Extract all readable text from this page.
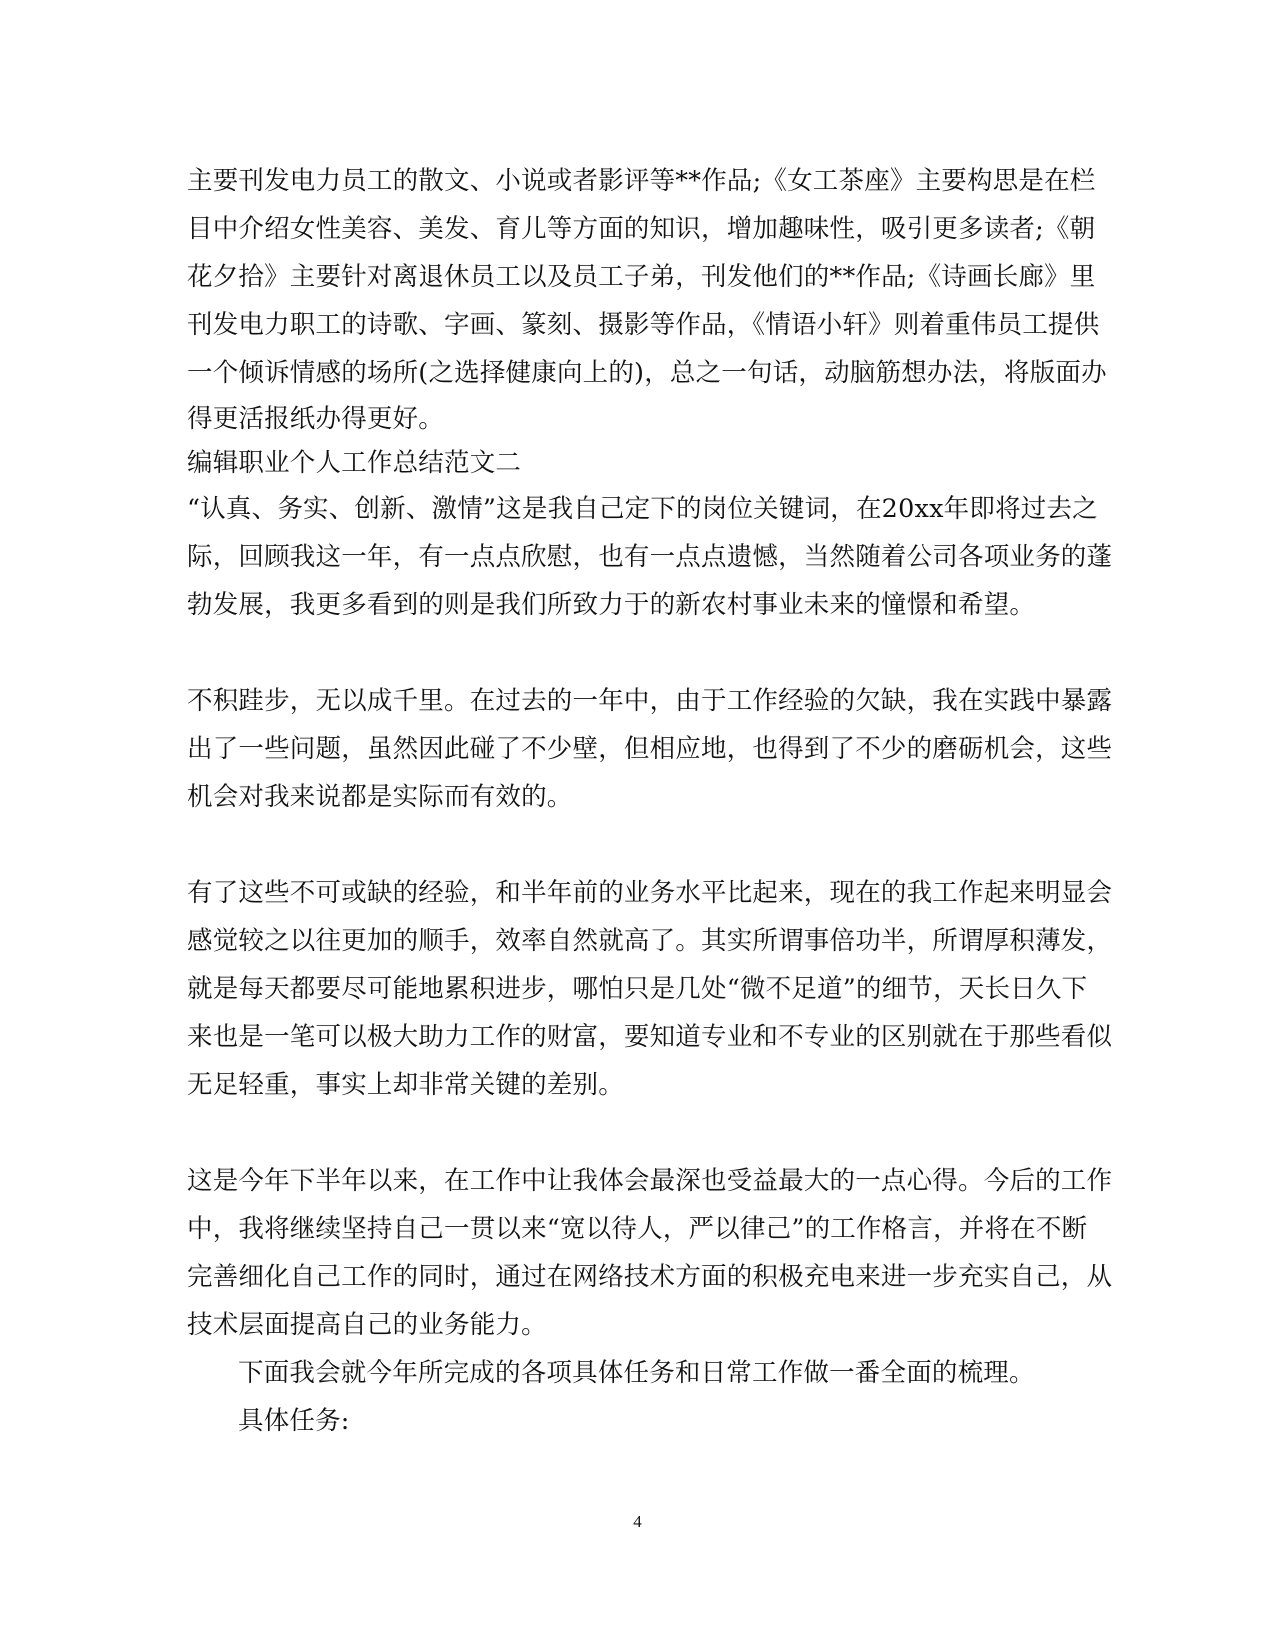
主要刊发电力员工的散文、小说或者影评等**作品;《女工茶座》主要构思是在栏
目中介绍女性美容、美发、育儿等方面的知识，增加趣味性，吸引更多读者;《朝
花夕拾》主要针对离退休员工以及员工子弟，刊发他们的**作品;《诗画长廊》里
刊发电力职工的诗歌、字画、篆刻、摄影等作品，《情语小轩》则着重伟员工提供
一个倾诉情感的场所(之选择健康向上的)，总之一句话，动脑筋想办法，将版面办
得更活报纸办得更好。
编辑职业个人工作总结范文二
“认真、务实、创新、激情”这是我自己定下的岗位关键词，在20xx年即将过去之
际，回顾我这一年，有一点点欣慰，也有一点点遗憾，当然随着公司各项业务的蓬
勃发展，我更多看到的则是我们所致力于的新农村事业未来的憧憬和希望。
不积跬步，无以成千里。在过去的一年中，由于工作经验的欠缺，我在实践中暴露
出了一些问题，虽然因此碰了不少壁，但相应地，也得到了不少的磨砺机会，这些
机会对我来说都是实际而有效的。
有了这些不可或缺的经验，和半年前的业务水平比起来，现在的我工作起来明显会
感觉较之以往更加的顺手，效率自然就高了。其实所谓事倍功半，所谓厚积薄发，
就是每天都要尽可能地累积进步，哪怕只是几处“微不足道”的细节，天长日久下
来也是一笔可以极大助力工作的财富，要知道专业和不专业的区别就在于那些看似
无足轻重，事实上却非常关键的差别。
这是今年下半年以来，在工作中让我体会最深也受益最大的一点心得。今后的工作
中，我将继续坚持自己一贯以来“宽以待人，严以律己”的工作格言，并将在不断
完善细化自己工作的同时，通过在网络技术方面的积极充电来进一步充实自己，从
技术层面提高自己的业务能力。
下面我会就今年所完成的各项具体任务和日常工作做一番全面的梳理。
具体任务:
4
